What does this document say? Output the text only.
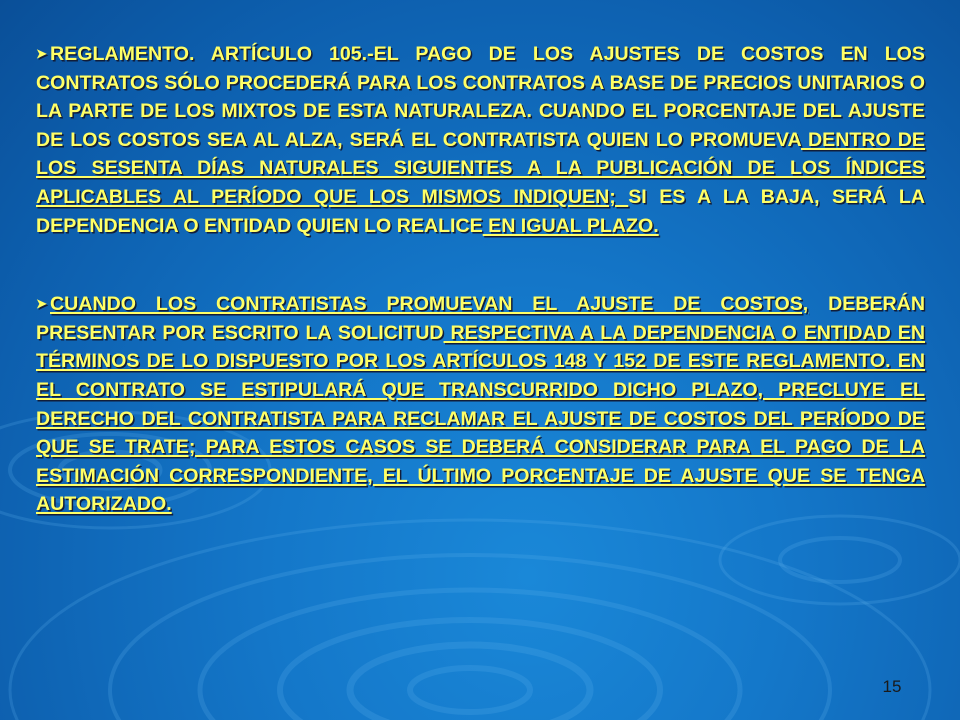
➤ REGLAMENTO. ARTÍCULO 105.-EL PAGO DE LOS AJUSTES DE COSTOS EN LOS CONTRATOS SÓLO PROCEDERÁ PARA LOS CONTRATOS A BASE DE PRECIOS UNITARIOS O LA PARTE DE LOS MIXTOS DE ESTA NATURALEZA. CUANDO EL PORCENTAJE DEL AJUSTE DE LOS COSTOS SEA AL ALZA, SERÁ EL CONTRATISTA QUIEN LO PROMUEVA DENTRO DE LOS SESENTA DÍAS NATURALES SIGUIENTES A LA PUBLICACIÓN DE LOS ÍNDICES APLICABLES AL PERÍODO QUE LOS MISMOS INDIQUEN; SI ES A LA BAJA, SERÁ LA DEPENDENCIA O ENTIDAD QUIEN LO REALICE EN IGUAL PLAZO.

➤ CUANDO LOS CONTRATISTAS PROMUEVAN EL AJUSTE DE COSTOS, DEBERÁN PRESENTAR POR ESCRITO LA SOLICITUD RESPECTIVA A LA DEPENDENCIA O ENTIDAD EN TÉRMINOS DE LO DISPUESTO POR LOS ARTÍCULOS 148 Y 152 DE ESTE REGLAMENTO. EN EL CONTRATO SE ESTIPULARÁ QUE TRANSCURRIDO DICHO PLAZO, PRECLUYE EL DERECHO DEL CONTRATISTA PARA RECLAMAR EL AJUSTE DE COSTOS DEL PERÍODO DE QUE SE TRATE; PARA ESTOS CASOS SE DEBERÁ CONSIDERAR PARA EL PAGO DE LA ESTIMACIÓN CORRESPONDIENTE, EL ÚLTIMO PORCENTAJE DE AJUSTE QUE SE TENGA AUTORIZADO.

15
